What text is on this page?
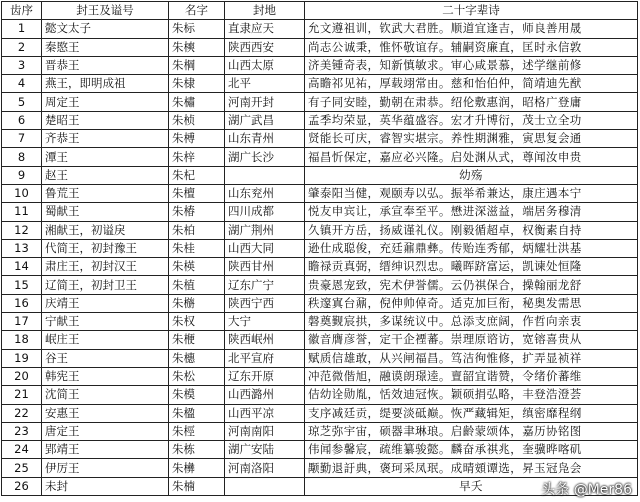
齿序	封王及谥号	名字	封地	二十字辈诗
1	懿文太子	朱标	直隶应天	允文遵祖训，钦武大君胜。顺道宜逢吉，师良善用晟
2	秦愍王	朱樉	陕西西安	尚志公诚秉，惟怀敬谊存。辅嗣资廉直，匡时永信敦
3	晋恭王	朱棡	山西太原	济美锺奇表，知新慎敏求。审心咸景慕，述学继前修
4	燕王，即明成祖	朱棣	北平	高瞻祁见祐，厚载翊常由。慈和怡伯仲，简靖迪先猷
5	周定王	朱橚	河南开封	有子同安睦，勤朝在肃恭。绍伦敷惠润，昭格广登庸
6	楚昭王	朱桢	湖广武昌	孟季均荣显，英华蕴盛容。宏才升博衍，茂士立全功
7	齐恭王	朱榑	山东青州	贤能长可庆，睿智实堪宗。养性期渊雅，寅思复会通
8	潭王	朱梓	湖广长沙	福昌忻保定，嘉应必兴隆。启处渊从式，尊闻汝申贵
9	赵王	朱杞		幼殇
10	鲁荒王	朱檀	山东兖州	肇泰阳当健，观颐寿以弘。振举希兼达，康庄遇本宁
11	蜀献王	朱椿	四川成都	悦友申宾让，承宣奉至平。懋进深滋益，端居务穆清
12	湘献王，初谥戾	朱柏	湖广荆州	久镇开方岳，扬威谨礼仪。刚毅循超卓，权衡素自持
13	代简王，初封豫王	朱桂	山西大同	逊仕成聪俊，充廷鼐鼎彝。传贻连秀郁，炳耀壮洪基
14	肃庄王，初封汉王	朱楧	陕西甘州	瞻禄贡真弼，缙绅识烈忠。曦晖跻富运，凯谏处恒隆
15	辽简王，初封卫王	朱植	辽东广宁	贵豪恩宠致，宪术伊誉儒。云仍祺保合，操翰丽龙舒
16	庆靖王	朱㮵	陕西宁西	秩邃寘台鼐，倪伸帅倬奇。适克加巨衔，秘奥发需思
17	宁献王	朱权	大宁	磐奠觐宸拱，多谋统议中。总添支庶阔，作哲向亲衷
18	岷庄王	朱楩	陕西岷州	徽音膺彦誉，定干企禋蕃。崇理原谘访，宽镕喜贵从
19	谷王	朱橞	北平宣府	赋质信雄敢，从兴闸福昌。笃洁徇惟修，扩弄显祯祥
20	韩宪王	朱松	辽东开原	冲范微偕旭，融谟朗璟逵。亶韶宜谐赞，令绪价蕃维
21	沈简王	朱模	山西潞州	佶幼诠勋胤，恬效迪冠恢。颖硕捐弘略，丰登浩澄荟
22	安惠王	朱楹	山西平凉	支序减廷贡，缇要淡砥巅。恢严藏辑矩，缜密靡程纲
23	唐定王	朱桱	河南南阳	琼芝弥宇宙，硕器聿琳琅。启齡蒙颂体，嘉历协铭图
24	郢靖王	朱栋	湖广安陆	伟闻参馨宸，疏维纂骏懿。麟奋承祺兆，奎骥晔喀矶
25	伊厉王	朱㰘	河南洛阳	颙勤退訏典，褒珂采凤珉。成晴頞谭选，昇玉冠凫会
26	未封	朱楠		早夭	头条 @Mer86
